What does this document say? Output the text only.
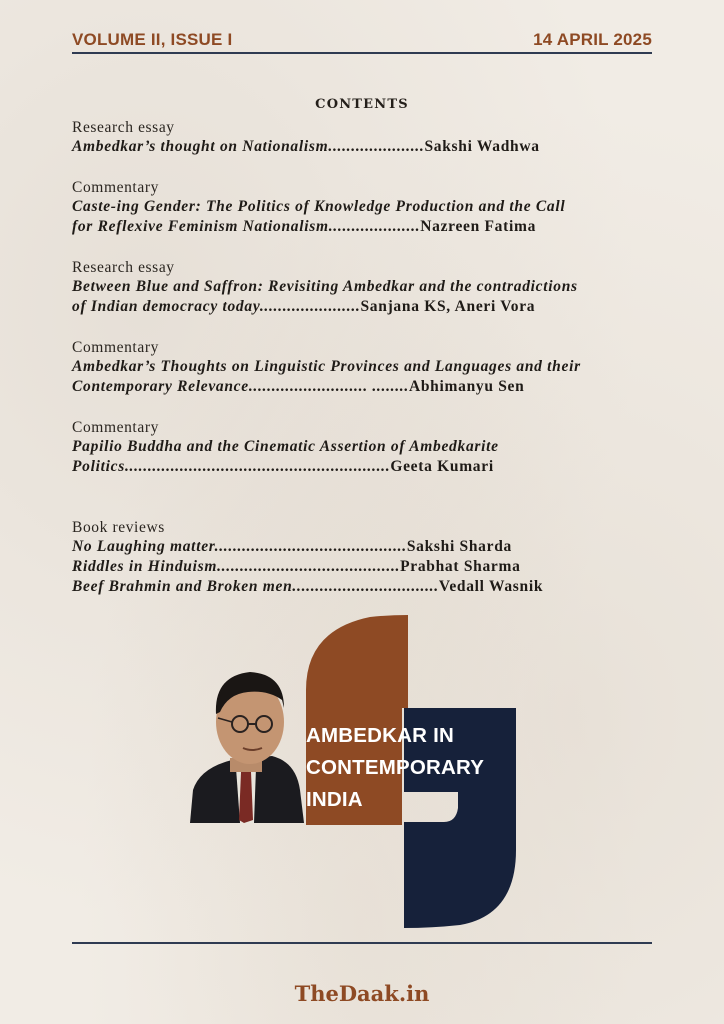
VOLUME II, ISSUE I	14 APRIL 2025
CONTENTS
Research essay
Ambedkar’s thought on Nationalism.....................Sakshi Wadhwa
Commentary
Caste-ing Gender: The Politics of Knowledge Production and the Call
for Reflexive Feminism Nationalism....................Nazreen Fatima
Research essay
Between Blue and Saffron: Revisiting Ambedkar and the contradictions
of Indian democracy today......................Sanjana KS, Aneri Vora
Commentary
Ambedkar’s Thoughts on Linguistic Provinces and Languages and their
Contemporary Relevance.......................... ........Abhimanyu Sen
Commentary
Papilio Buddha and the Cinematic Assertion of Ambedkarite
Politics..........................................................Geeta Kumari
Book reviews
No Laughing matter..........................................Sakshi Sharda
Riddles in Hinduism........................................Prabhat Sharma
Beef Brahmin and Broken men................................Vedall Wasnik
AMBEDKAR IN
CONTEMPORARY
INDIA
TheDaak.in
